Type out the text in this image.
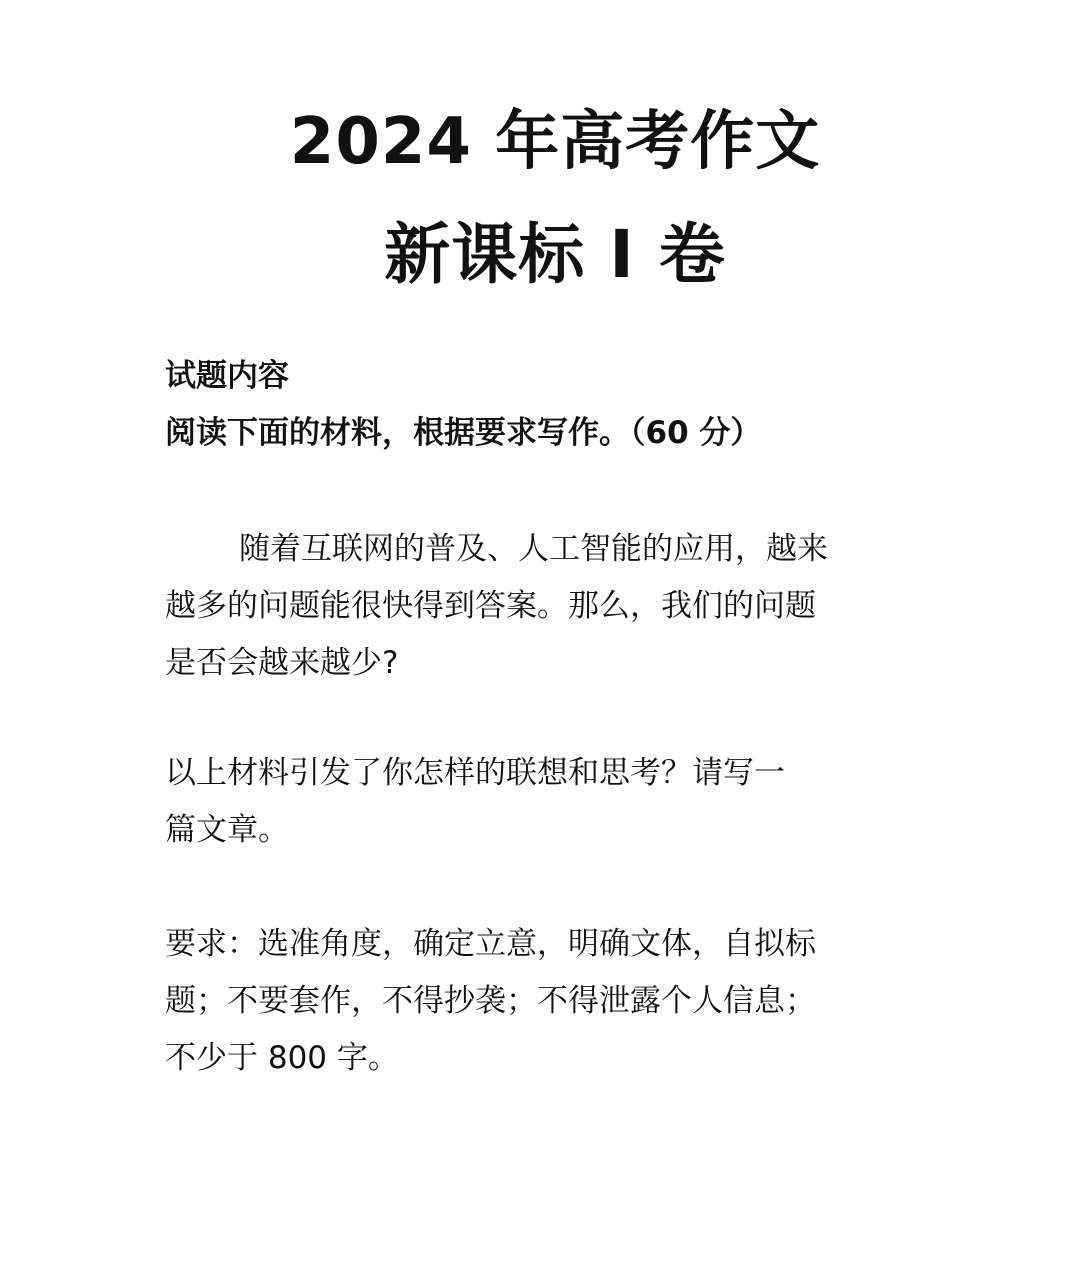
2024 年高考作文
新课标 I 卷
试题内容
阅读下面的材料，根据要求写作。（60 分）
随着互联网的普及、人工智能的应用，越来
越多的问题能很快得到答案。那么，我们的问题
是否会越来越少?
以上材料引发了你怎样的联想和思考？请写一
篇文章。
要求：选准角度，确定立意，明确文体，自拟标
题；不要套作，不得抄袭；不得泄露个人信息；
不少于 800 字。
